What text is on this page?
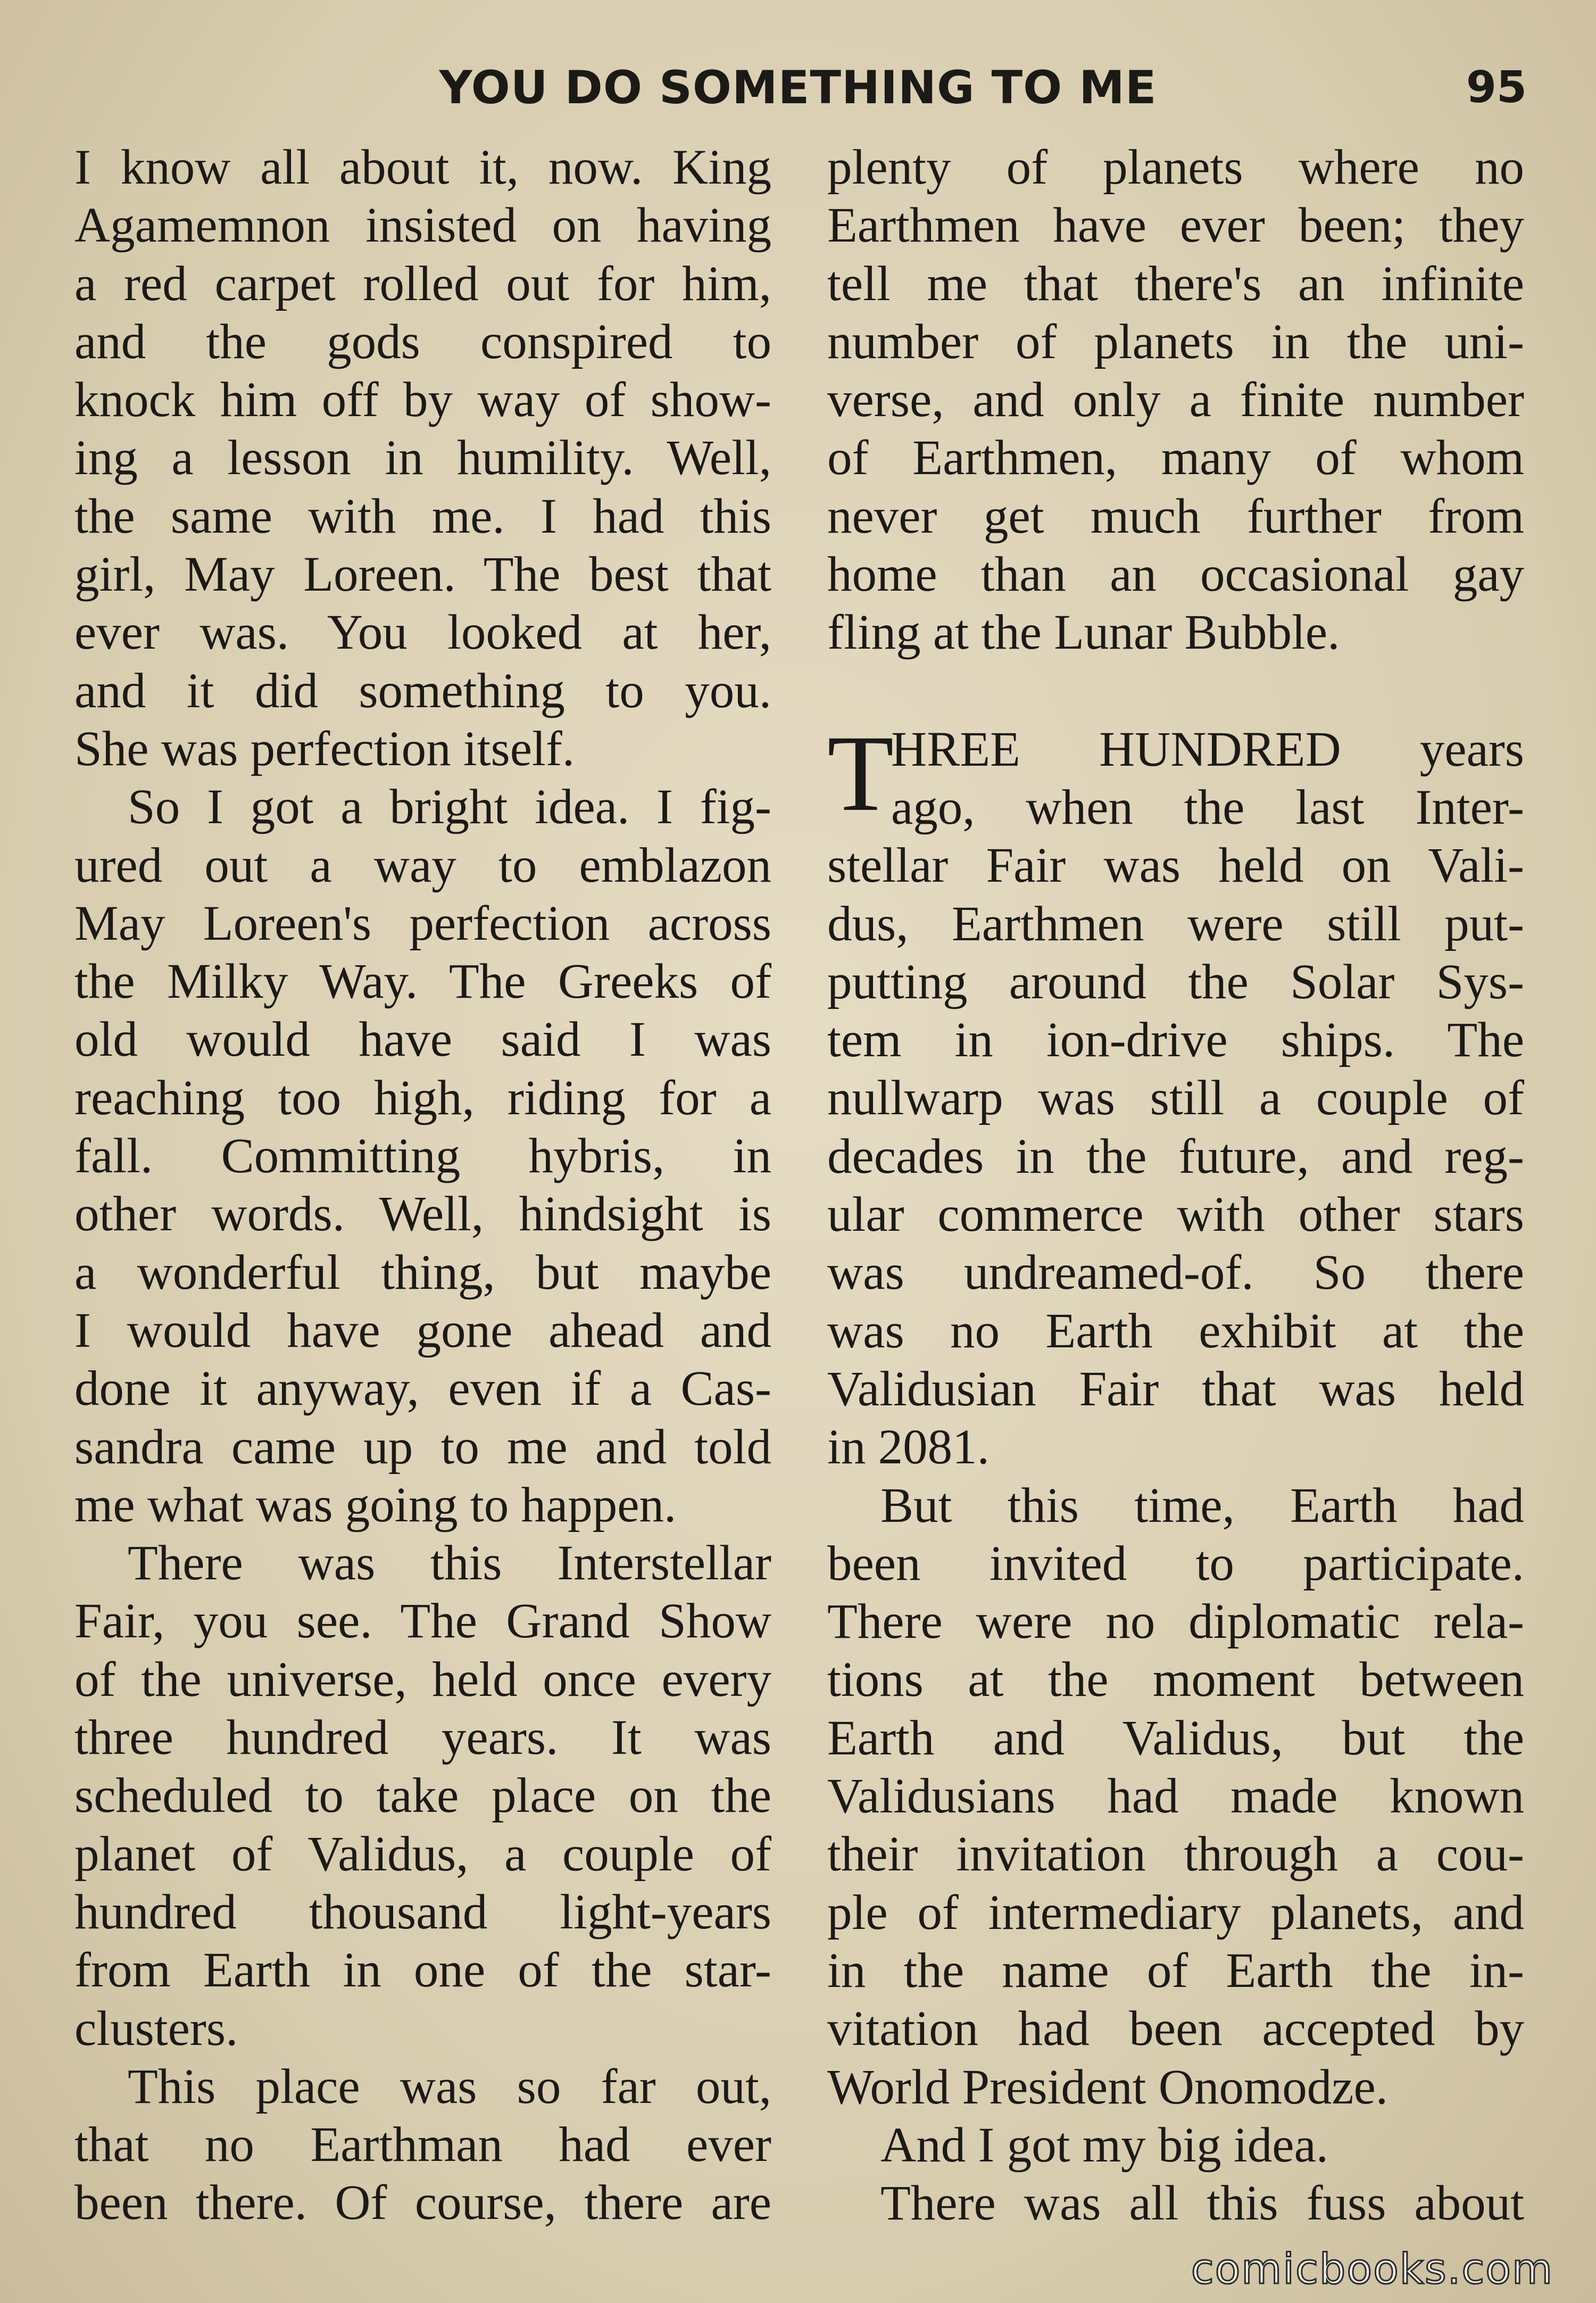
YOU DO SOMETHING TO ME	95
I know all about it, now. King
Agamemnon insisted on having
a red carpet rolled out for him,
and the gods conspired to
knock him off by way of show-
ing a lesson in humility. Well,
the same with me. I had this
girl, May Loreen. The best that
ever was. You looked at her,
and it did something to you.
She was perfection itself.
So I got a bright idea. I fig-
ured out a way to emblazon
May Loreen's perfection across
the Milky Way. The Greeks of
old would have said I was
reaching too high, riding for a
fall. Committing hybris, in
other words. Well, hindsight is
a wonderful thing, but maybe
I would have gone ahead and
done it anyway, even if a Cas-
sandra came up to me and told
me what was going to happen.
There was this Interstellar
Fair, you see. The Grand Show
of the universe, held once every
three hundred years. It was
scheduled to take place on the
planet of Validus, a couple of
hundred thousand light-years
from Earth in one of the star-
clusters.
This place was so far out,
that no Earthman had ever
been there. Of course, there are
plenty of planets where no
Earthmen have ever been; they
tell me that there's an infinite
number of planets in the uni-
verse, and only a finite number
of Earthmen, many of whom
never get much further from
home than an occasional gay
fling at the Lunar Bubble.
T
HREE HUNDRED years
ago, when the last Inter-
stellar Fair was held on Vali-
dus, Earthmen were still put-
putting around the Solar Sys-
tem in ion-drive ships. The
nullwarp was still a couple of
decades in the future, and reg-
ular commerce with other stars
was undreamed-of. So there
was no Earth exhibit at the
Validusian Fair that was held
in 2081.
But this time, Earth had
been invited to participate.
There were no diplomatic rela-
tions at the moment between
Earth and Validus, but the
Validusians had made known
their invitation through a cou-
ple of intermediary planets, and
in the name of Earth the in-
vitation had been accepted by
World President Onomodze.
And I got my big idea.
There was all this fuss about
comicbooks.com
